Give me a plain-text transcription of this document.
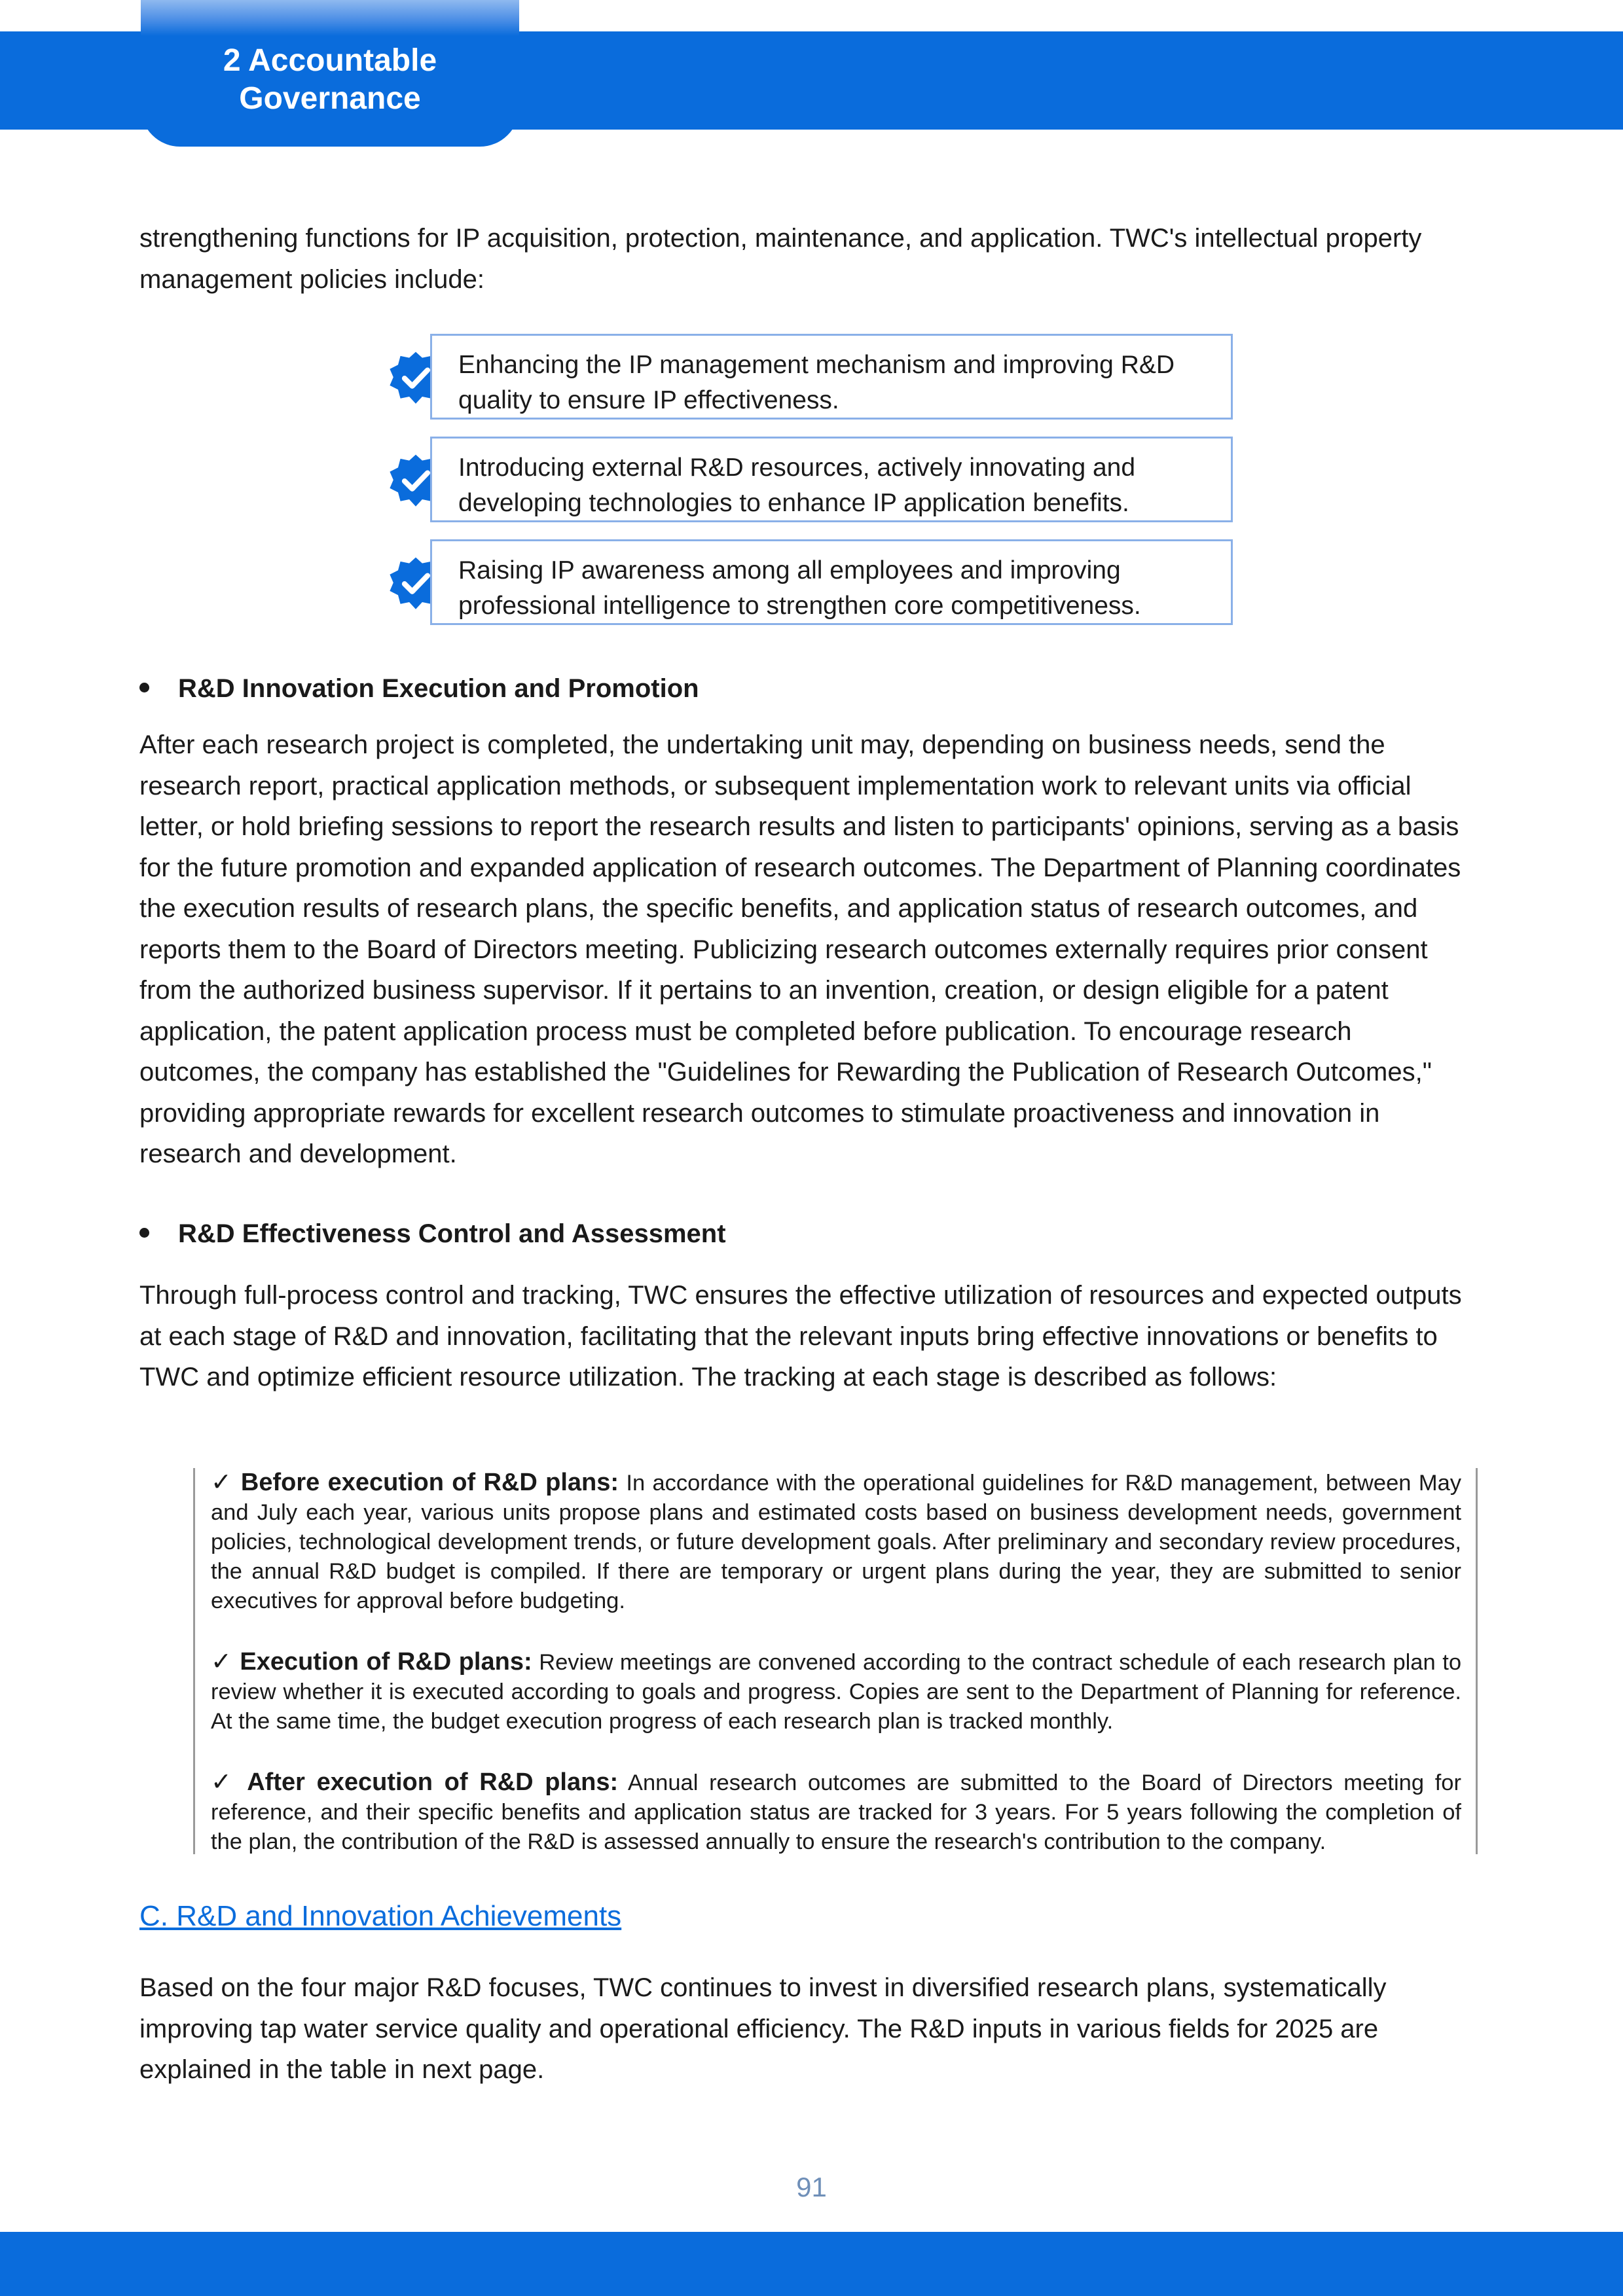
2 Accountable Governance

strengthening functions for IP acquisition, protection, maintenance, and application. TWC's intellectual property management policies include:

Enhancing the IP management mechanism and improving R&D quality to ensure IP effectiveness.
Introducing external R&D resources, actively innovating and developing technologies to enhance IP application benefits.
Raising IP awareness among all employees and improving professional intelligence to strengthen core competitiveness.
R&D Innovation Execution and Promotion

After each research project is completed, the undertaking unit may, depending on business needs, send the research report, practical application methods, or subsequent implementation work to relevant units via official letter, or hold briefing sessions to report the research results and listen to participants' opinions, serving as a basis for the future promotion and expanded application of research outcomes. The Department of Planning coordinates the execution results of research plans, the specific benefits, and application status of research outcomes, and reports them to the Board of Directors meeting. Publicizing research outcomes externally requires prior consent from the authorized business supervisor. If it pertains to an invention, creation, or design eligible for a patent application, the patent application process must be completed before publication. To encourage research outcomes, the company has established the "Guidelines for Rewarding the Publication of Research Outcomes," providing appropriate rewards for excellent research outcomes to stimulate proactiveness and innovation in research and development.

R&D Effectiveness Control and Assessment

Through full-process control and tracking, TWC ensures the effective utilization of resources and expected outputs at each stage of R&D and innovation, facilitating that the relevant inputs bring effective innovations or benefits to TWC and optimize efficient resource utilization. The tracking at each stage is described as follows:

✓ Before execution of R&D plans: In accordance with the operational guidelines for R&D management, between May and July each year, various units propose plans and estimated costs based on business development needs, government policies, technological development trends, or future development goals. After preliminary and secondary review procedures, the annual R&D budget is compiled. If there are temporary or urgent plans during the year, they are submitted to senior executives for approval before budgeting.

✓ Execution of R&D plans: Review meetings are convened according to the contract schedule of each research plan to review whether it is executed according to goals and progress. Copies are sent to the Department of Planning for reference. At the same time, the budget execution progress of each research plan is tracked monthly.

✓ After execution of R&D plans: Annual research outcomes are submitted to the Board of Directors meeting for reference, and their specific benefits and application status are tracked for 3 years. For 5 years following the completion of the plan, the contribution of the R&D is assessed annually to ensure the research's contribution to the company.

C. R&D and Innovation Achievements

Based on the four major R&D focuses, TWC continues to invest in diversified research plans, systematically improving tap water service quality and operational efficiency. The R&D inputs in various fields for 2025 are explained in the table in next page.

91
